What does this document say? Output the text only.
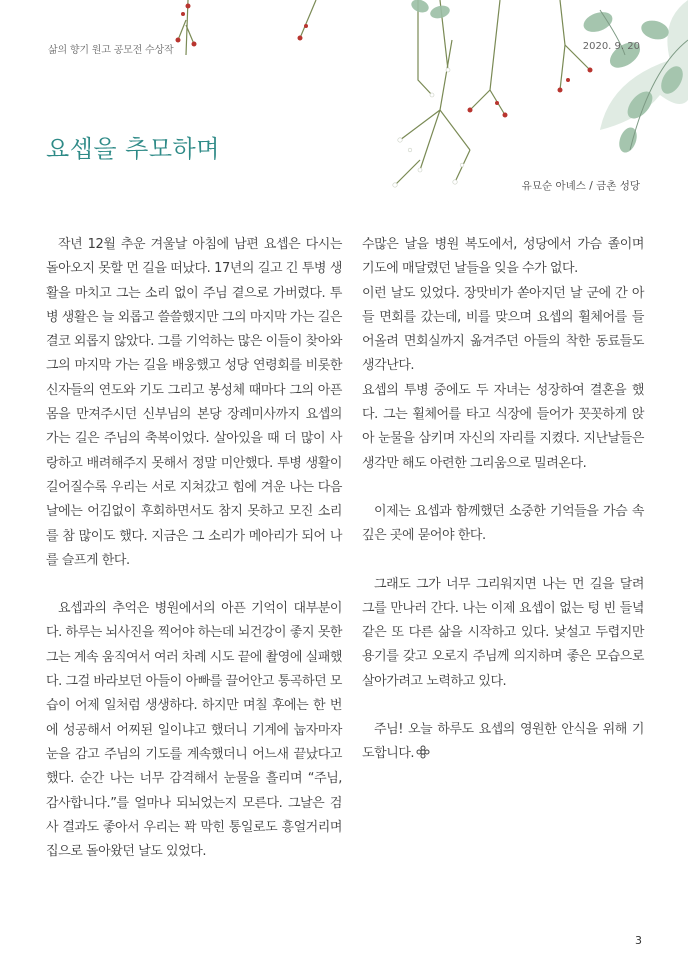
삶의 향기 원고 공모전 수상작	2020. 9. 20
요셉을 추모하며
유묘순 아녜스 / 금촌 성당

작년 12월 추운 겨울날 아침에 남편 요셉은 다시는 돌아오지 못할 먼 길을 떠났다. 17년의 길고 긴 투병 생활을 마치고 그는 소리 없이 주님 곁으로 가버렸다. 투병 생활은 늘 외롭고 쓸쓸했지만 그의 마지막 가는 길은 결코 외롭지 않았다. 그를 기억하는 많은 이들이 찾아와 그의 마지막 가는 길을 배웅했고 성당 연령회를 비롯한 신자들의 연도와 기도 그리고 봉성체 때마다 그의 아픈 몸을 만져주시던 신부님의 본당 장례미사까지 요셉의 가는 길은 주님의 축복이었다. 살아있을 때 더 많이 사랑하고 배려해주지 못해서 정말 미안했다. 투병 생활이 길어질수록 우리는 서로 지쳐갔고 힘에 겨운 나는 다음 날에는 어김없이 후회하면서도 참지 못하고 모진 소리를 참 많이도 했다. 지금은 그 소리가 메아리가 되어 나를 슬프게 한다.

요셉과의 추억은 병원에서의 아픈 기억이 대부분이다. 하루는 뇌사진을 찍어야 하는데 뇌건강이 좋지 못한 그는 계속 움직여서 여러 차례 시도 끝에 촬영에 실패했다. 그걸 바라보던 아들이 아빠를 끌어안고 통곡하던 모습이 어제 일처럼 생생하다. 하지만 며칠 후에는 한 번에 성공해서 어찌된 일이냐고 했더니 기계에 눕자마자 눈을 감고 주님의 기도를 계속했더니 어느새 끝났다고 했다. 순간 나는 너무 감격해서 눈물을 흘리며 “주님, 감사합니다.”를 얼마나 되뇌었는지 모른다. 그날은 검사 결과도 좋아서 우리는 꽉 막힌 통일로도 흥얼거리며 집으로 돌아왔던 날도 있었다.

수많은 날을 병원 복도에서, 성당에서 가슴 졸이며 기도에 매달렸던 날들을 잊을 수가 없다.

이런 날도 있었다. 장맛비가 쏟아지던 날 군에 간 아들 면회를 갔는데, 비를 맞으며 요셉의 휠체어를 들어올려 면회실까지 옮겨주던 아들의 착한 동료들도 생각난다.

요셉의 투병 중에도 두 자녀는 성장하여 결혼을 했다. 그는 휠체어를 타고 식장에 들어가 꼿꼿하게 앉아 눈물을 삼키며 자신의 자리를 지켰다. 지난날들은 생각만 해도 아련한 그리움으로 밀려온다.

이제는 요셉과 함께했던 소중한 기억들을 가슴 속 깊은 곳에 묻어야 한다.

그래도 그가 너무 그리워지면 나는 먼 길을 달려 그를 만나러 간다. 나는 이제 요셉이 없는 텅 빈 들녘같은 또 다른 삶을 시작하고 있다. 낯설고 두렵지만 용기를 갖고 오로지 주님께 의지하며 좋은 모습으로 살아가려고 노력하고 있다.

주님! 오늘 하루도 요셉의 영원한 안식을 위해 기도합니다.

3
